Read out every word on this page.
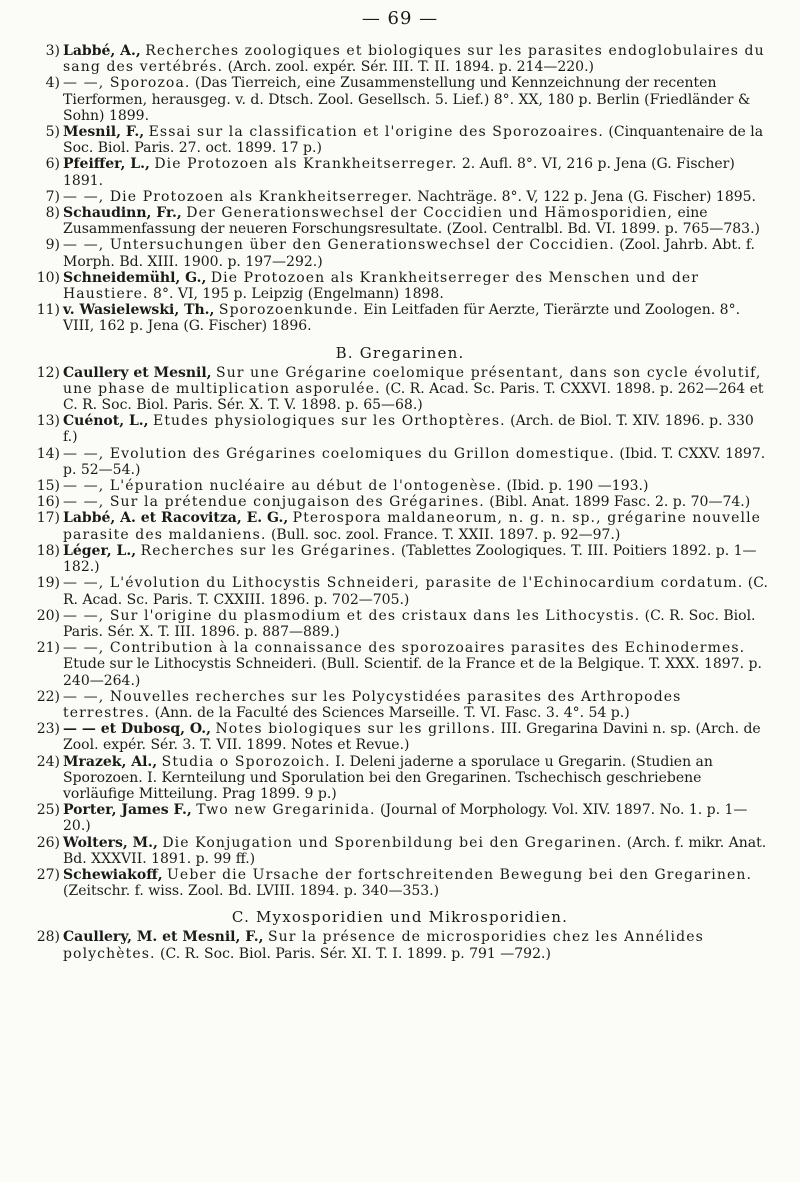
— 69 —

3) Labbé, A., Recherches zoologiques et biologiques sur les parasites endoglobulaires du sang des vertébrés. (Arch. zool. expér. Sér. III. T. II. 1894. p. 214—220.)

4) — —, Sporozoa. (Das Tierreich, eine Zusammenstellung und Kennzeichnung der recenten Tierformen, herausgeg. v. d. Dtsch. Zool. Gesellsch. 5. Lief.) 8°. XX, 180 p. Berlin (Friedländer & Sohn) 1899.

5) Mesnil, F., Essai sur la classification et l'origine des Sporozoaires. (Cinquantenaire de la Soc. Biol. Paris. 27. oct. 1899. 17 p.)

6) Pfeiffer, L., Die Protozoen als Krankheitserreger. 2. Aufl. 8°. VI, 216 p. Jena (G. Fischer) 1891.

7) — —, Die Protozoen als Krankheitserreger. Nachträge. 8°. V, 122 p. Jena (G. Fischer) 1895.

8) Schaudinn, Fr., Der Generationswechsel der Coccidien und Hämosporidien, eine Zusammenfassung der neueren Forschungsresultate. (Zool. Centralbl. Bd. VI. 1899. p. 765—783.)

9) — —, Untersuchungen über den Generationswechsel der Coccidien. (Zool. Jahrb. Abt. f. Morph. Bd. XIII. 1900. p. 197—292.)

10) Schneidemühl, G., Die Protozoen als Krankheitserreger des Menschen und der Haustiere. 8°. VI, 195 p. Leipzig (Engelmann) 1898.

11) v. Wasielewski, Th., Sporozoenkunde. Ein Leitfaden für Aerzte, Tierärzte und Zoologen. 8°. VIII, 162 p. Jena (G. Fischer) 1896.

B. Gregarinen.

12) Caullery et Mesnil, Sur une Grégarine coelomique présentant, dans son cycle évolutif, une phase de multiplication asporulée. (C. R. Acad. Sc. Paris. T. CXXVI. 1898. p. 262—264 et C. R. Soc. Biol. Paris. Sér. X. T. V. 1898. p. 65—68.)

13) Cuénot, L., Etudes physiologiques sur les Orthoptères. (Arch. de Biol. T. XIV. 1896. p. 330 f.)

14) — —, Evolution des Grégarines coelomiques du Grillon domestique. (Ibid. T. CXXV. 1897. p. 52—54.)

15) — —, L'épuration nucléaire au début de l'ontogenèse. (Ibid. p. 190 —193.)

16) — —, Sur la prétendue conjugaison des Grégarines. (Bibl. Anat. 1899 Fasc. 2. p. 70—74.)

17) Labbé, A. et Racovitza, E. G., Pterospora maldaneorum, n. g. n. sp., grégarine nouvelle parasite des maldaniens. (Bull. soc. zool. France. T. XXII. 1897. p. 92—97.)

18) Léger, L., Recherches sur les Grégarines. (Tablettes Zoologiques. T. III. Poitiers 1892. p. 1—182.)

19) — —, L'évolution du Lithocystis Schneideri, parasite de l'Echinocardium cordatum. (C. R. Acad. Sc. Paris. T. CXXIII. 1896. p. 702—705.)

20) — —, Sur l'origine du plasmodium et des cristaux dans les Lithocystis. (C. R. Soc. Biol. Paris. Sér. X. T. III. 1896. p. 887—889.)

21) — —, Contribution à la connaissance des sporozoaires parasites des Echinodermes. Etude sur le Lithocystis Schneideri. (Bull. Scientif. de la France et de la Belgique. T. XXX. 1897. p. 240—264.)

22) — —, Nouvelles recherches sur les Polycystidées parasites des Arthropodes terrestres. (Ann. de la Faculté des Sciences Marseille. T. VI. Fasc. 3. 4°. 54 p.)

23) — — et Dubosq, O., Notes biologiques sur les grillons. III. Gregarina Davini n. sp. (Arch. de Zool. expér. Sér. 3. T. VII. 1899. Notes et Revue.)

24) Mrazek, Al., Studia o Sporozoich. I. Deleni jaderne a sporulace u Gregarin. (Studien an Sporozoen. I. Kernteilung und Sporulation bei den Gregarinen. Tschechisch geschriebene vorläufige Mitteilung. Prag 1899. 9 p.)

25) Porter, James F., Two new Gregarinida. (Journal of Morphology. Vol. XIV. 1897. No. 1. p. 1—20.)

26) Wolters, M., Die Konjugation und Sporenbildung bei den Gregarinen. (Arch. f. mikr. Anat. Bd. XXXVII. 1891. p. 99 ff.)

27) Schewiakoff, Ueber die Ursache der fortschreitenden Bewegung bei den Gregarinen. (Zeitschr. f. wiss. Zool. Bd. LVIII. 1894. p. 340—353.)

C. Myxosporidien und Mikrosporidien.

28) Caullery, M. et Mesnil, F., Sur la présence de microsporidies chez les Annélides polychètes. (C. R. Soc. Biol. Paris. Sér. XI. T. I. 1899. p. 791 —792.)
